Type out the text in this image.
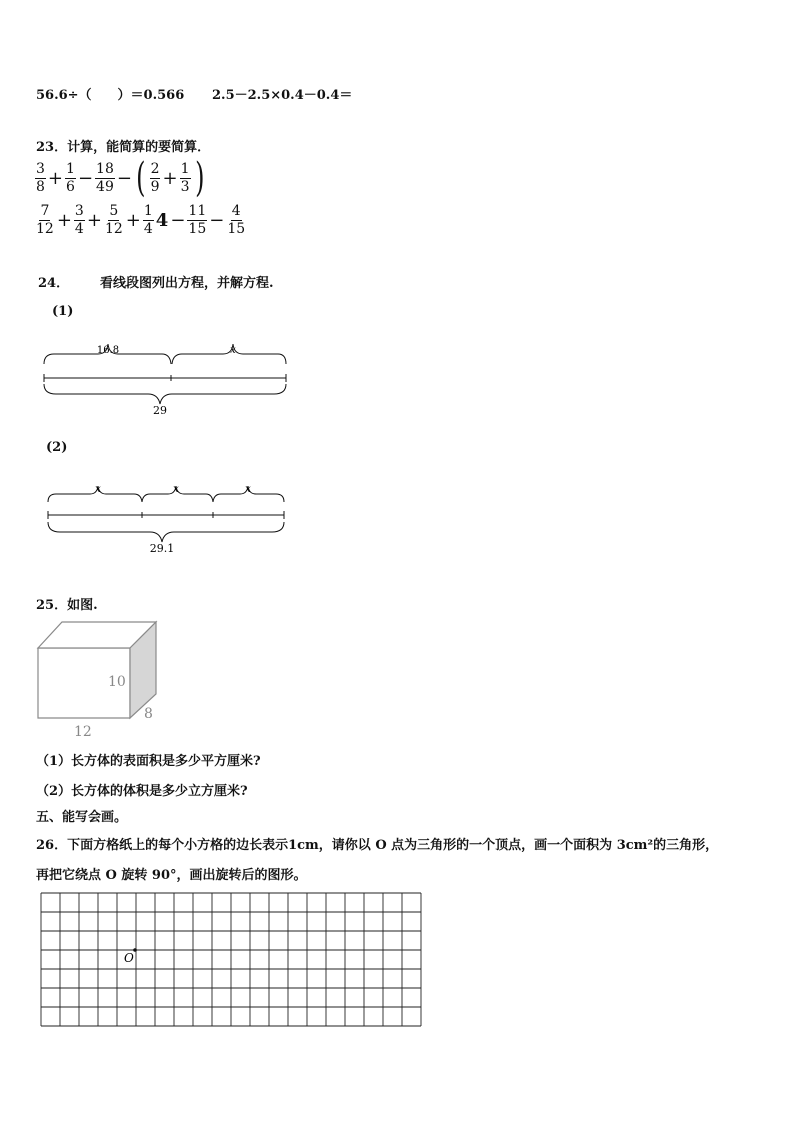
56.6÷（　　）＝0.566 2.5－2.5×0.4－0.4＝
23．计算，能简算的要简算．
$\frac{3}{8} + \frac{1}{6} - \frac{18}{49}$ − ( $\frac{2}{9} + \frac{1}{3}$ )
$\frac{7}{12} + \frac{3}{4} + \frac{5}{12} + \frac{1}{4} 4 - \frac{11}{15} - \frac{4}{15}$
24． 看线段图列出方程，并解方程.
(1)
16.8	x
29
(2)
x	x	x
29.1
25．如图.
10
12
8
（1）长方体的表面积是多少平方厘米?
（2）长方体的体积是多少立方厘米?
五、能写会画。
26．下面方格纸上的每个小方格的边长表示1cm，请你以 O 点为三角形的一个顶点，画一个面积为 3cm²的三角形，
再把它绕点 O 旋转 90°，画出旋转后的图形。
O
